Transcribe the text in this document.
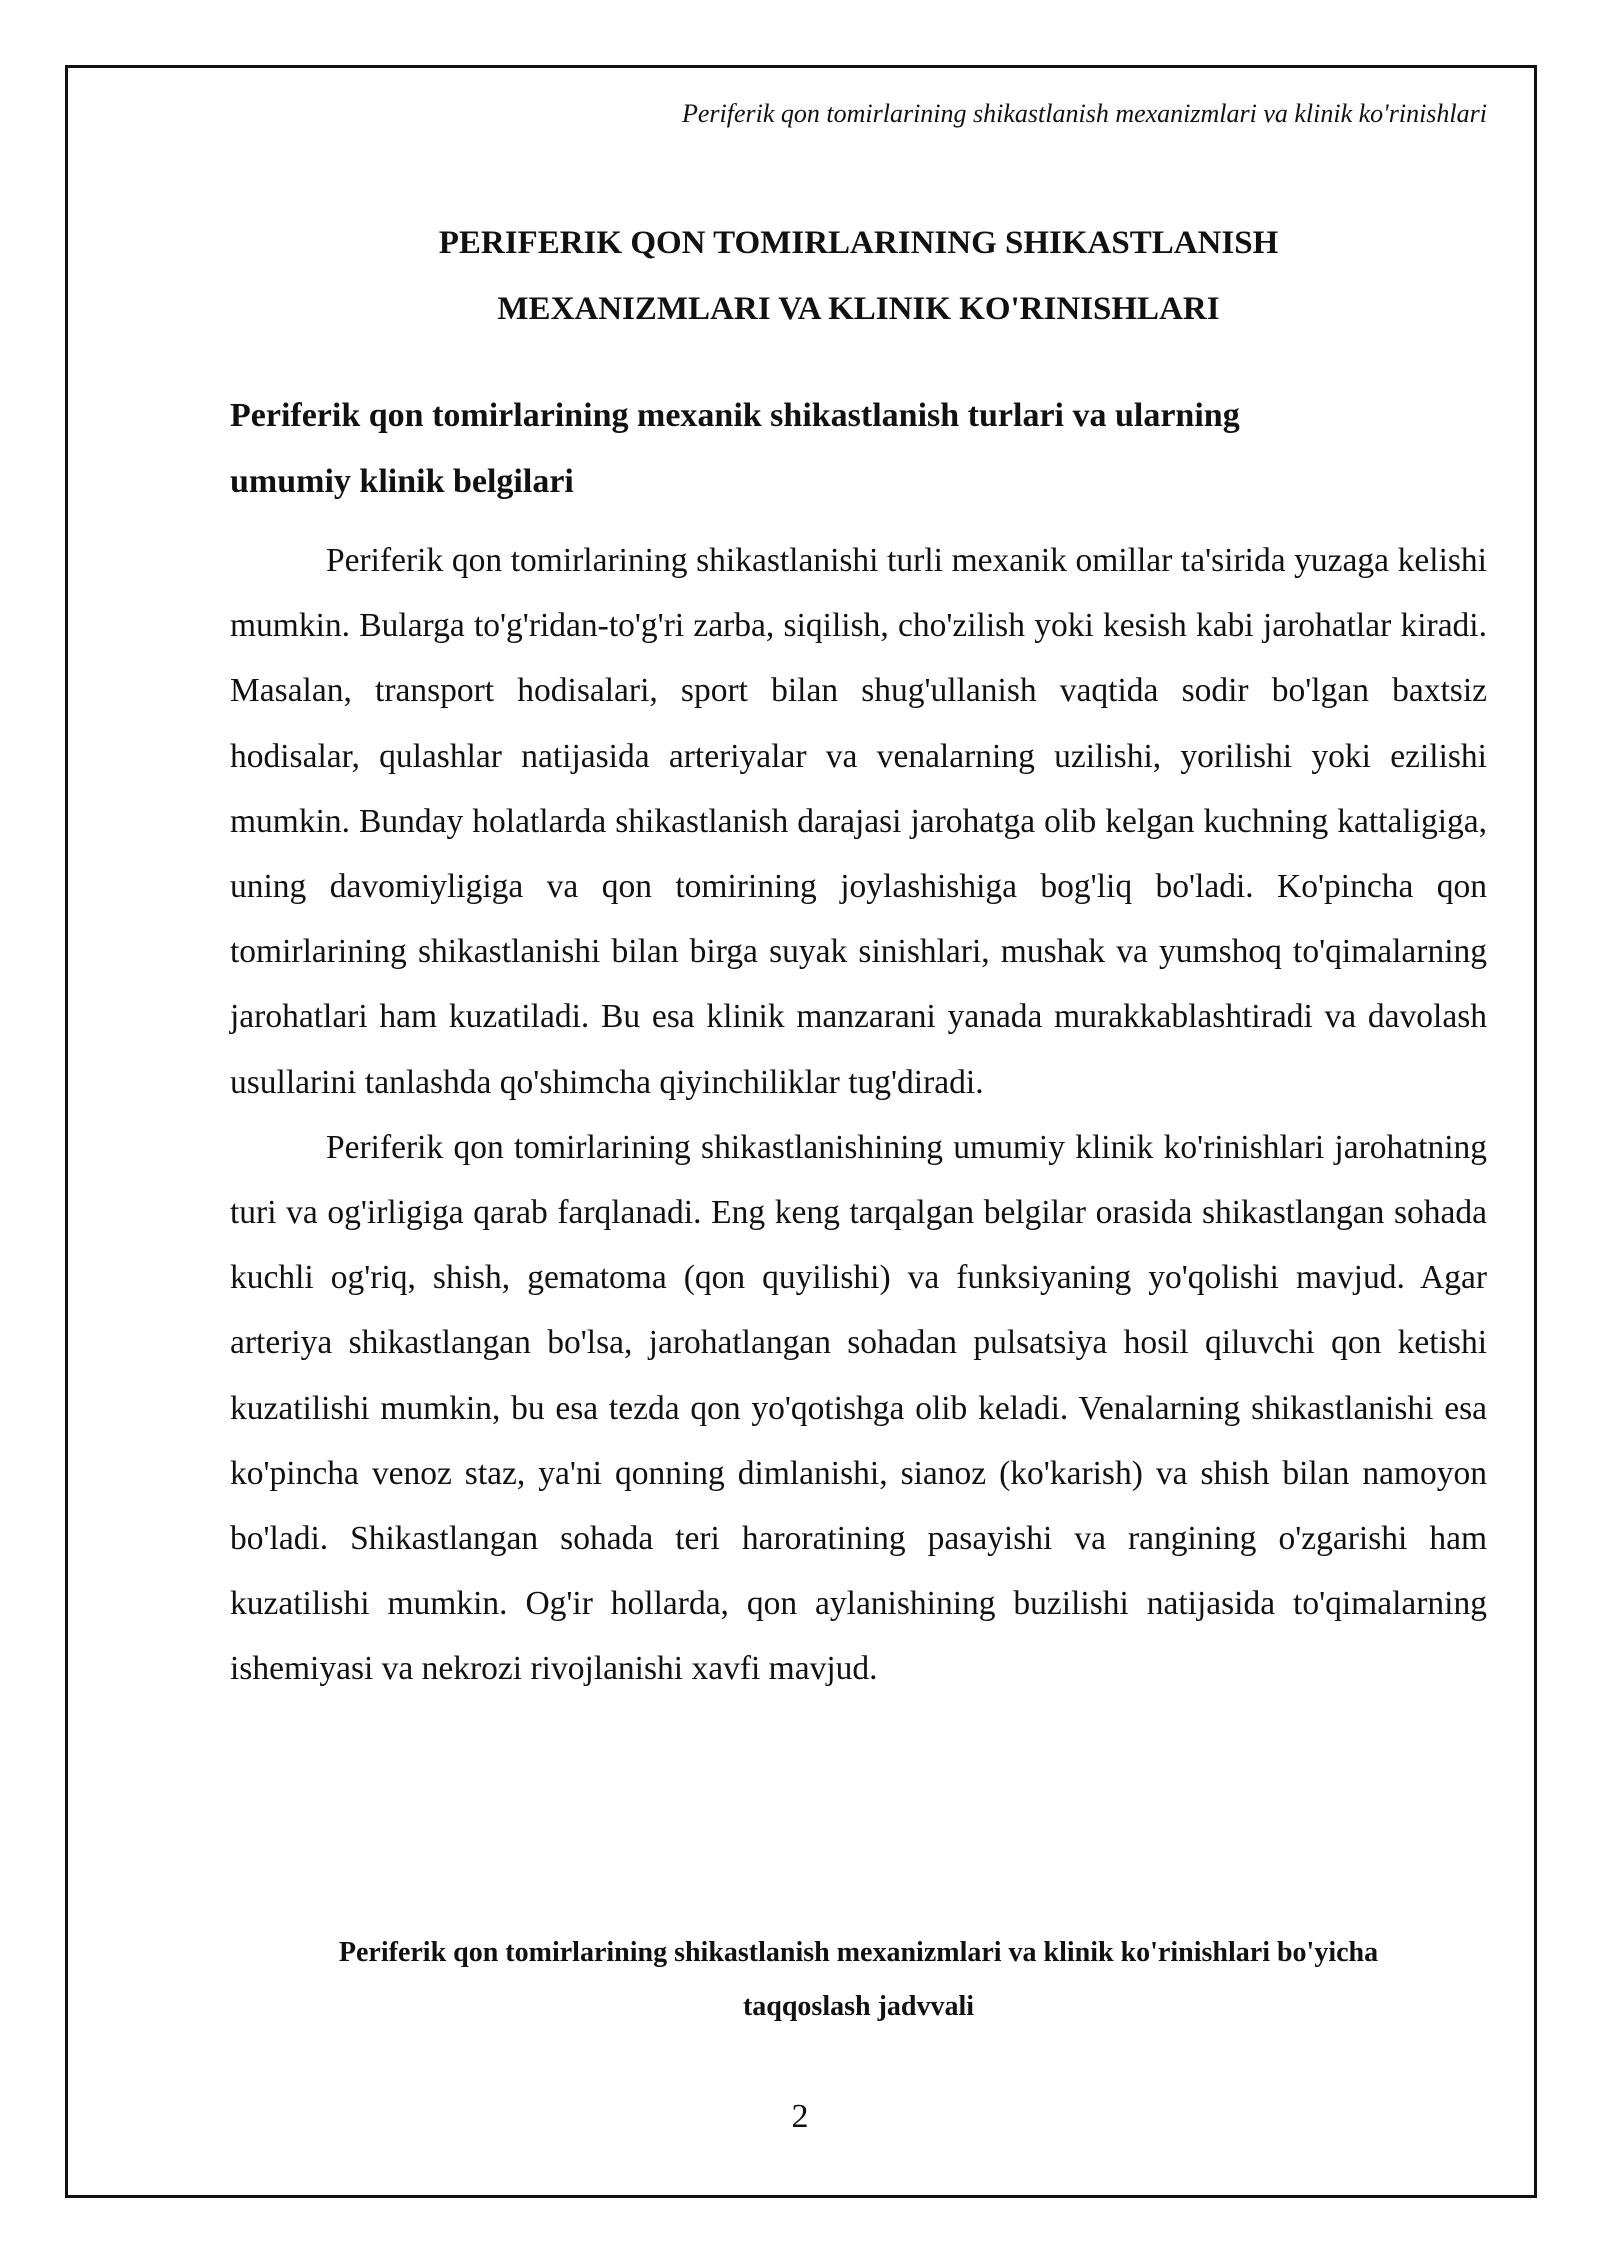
Periferik qon tomirlarining shikastlanish mexanizmlari va klinik ko'rinishlari
PERIFERIK QON TOMIRLARINING SHIKASTLANISH
MEXANIZMLARI VA KLINIK KO'RINISHLARI
Periferik qon tomirlarining mexanik shikastlanish turlari va ularning
umumiy klinik belgilari

Periferik qon tomirlarining shikastlanishi turli mexanik omillar ta'sirida yuzaga kelishi mumkin. Bularga to'g'ridan-to'g'ri zarba, siqilish, cho'zilish yoki kesish kabi jarohatlar kiradi. Masalan, transport hodisalari, sport bilan shug'ullanish vaqtida sodir bo'lgan baxtsiz hodisalar, qulashlar natijasida arteriyalar va venalarning uzilishi, yorilishi yoki ezilishi mumkin. Bunday holatlarda shikastlanish darajasi jarohatga olib kelgan kuchning kattaligiga, uning davomiyligiga va qon tomirining joylashishiga bog'liq bo'ladi. Ko'pincha qon tomirlarining shikastlanishi bilan birga suyak sinishlari, mushak va yumshoq to'qimalarning jarohatlari ham kuzatiladi. Bu esa klinik manzarani yanada murakkablashtiradi va davolash usullarini tanlashda qo'shimcha qiyinchiliklar tug'diradi.

Periferik qon tomirlarining shikastlanishining umumiy klinik ko'rinishlari jarohatning turi va og'irligiga qarab farqlanadi. Eng keng tarqalgan belgilar orasida shikastlangan sohada kuchli og'riq, shish, gematoma (qon quyilishi) va funksiyaning yo'qolishi mavjud. Agar arteriya shikastlangan bo'lsa, jarohatlangan sohadan pulsatsiya hosil qiluvchi qon ketishi kuzatilishi mumkin, bu esa tezda qon yo'qotishga olib keladi. Venalarning shikastlanishi esa ko'pincha venoz staz, ya'ni qonning dimlanishi, sianoz (ko'karish) va shish bilan namoyon bo'ladi. Shikastlangan sohada teri haroratining pasayishi va rangining o'zgarishi ham kuzatilishi mumkin. Og'ir hollarda, qon aylanishining buzilishi natijasida to'qimalarning ishemiyasi va nekrozi rivojlanishi xavfi mavjud.

Periferik qon tomirlarining shikastlanish mexanizmlari va klinik ko'rinishlari bo'yicha
taqqoslash jadvvali

2
